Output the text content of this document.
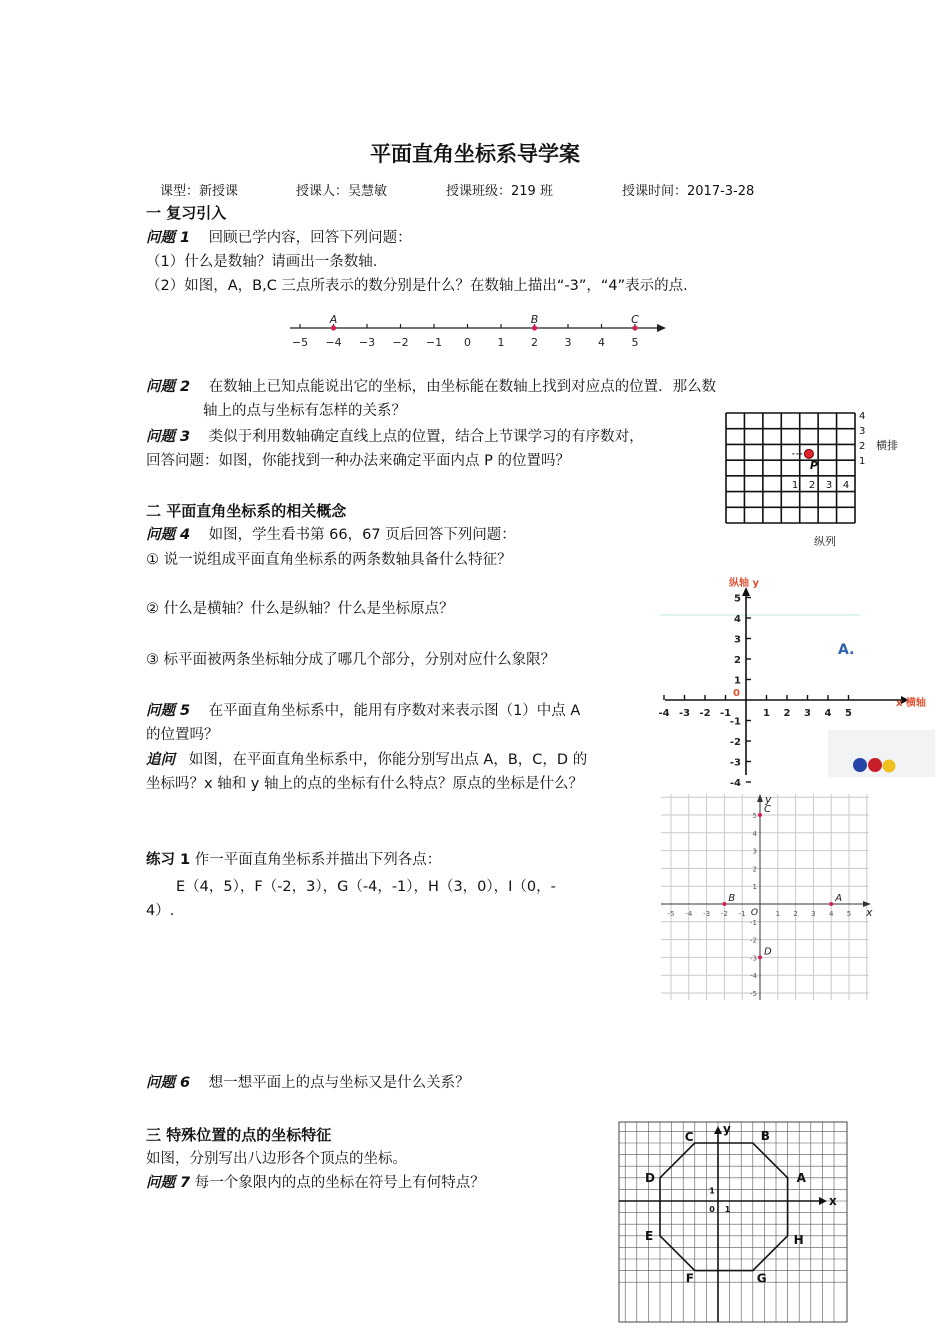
平面直角坐标系导学案
课型：新授课	授课人：吴慧敏	授课班级：219 班	授课时间：2017-3-28
一 复习引入
问题 1 回顾已学内容，回答下列问题：
（1）什么是数轴？请画出一条数轴.
（2）如图，A，B,C 三点所表示的数分别是什么？在数轴上描出“-3”，“4”表示的点.
−5 −4 −3 −2 −1 0 1 2 3 4 5
A	B	C
问题 2 在数轴上已知点能说出它的坐标，由坐标能在数轴上找到对应点的位置．那么数
轴上的点与坐标有怎样的关系？
问题 3 类似于利用数轴确定直线上点的位置，结合上节课学习的有序数对，
回答问题：如图，你能找到一种办法来确定平面内点 P 的位置吗？	P
4
3
2
1
1 2 3 4
横排
纵列
二 平面直角坐标系的相关概念
问题 4 如图，学生看书第 66，67 页后回答下列问题：
① 说一说组成平面直角坐标系的两条数轴具备什么特征？
② 什么是横轴？什么是纵轴？什么是坐标原点？
③ 标平面被两条坐标轴分成了哪几个部分，分别对应什么象限？
-4 -3 -2 -1	1 2 3 4 5
5
4
3
2
1
-1
-2
-3
-4
0
纵轴 y
x 横轴
A.
问题 5 在平面直角坐标系中，能用有序数对来表示图（1）中点 A
的位置吗？
追问 如图，在平面直角坐标系中，你能分别写出点 A，B，C，D 的
坐标吗？x 轴和 y 轴上的点的坐标有什么特点？原点的坐标是什么？
-5 -4 -3 -2 -1	1 2 3 4 5
5
4
3
2
1
-1
-2
-3
-4
-5
O	x
y
A
B
C
D
练习 1 作一平面直角坐标系并描出下列各点：
E（4，5），F（-2，3），G（-4，-1），H（3，0），I（0，-
4）.
问题 6 想一想平面上的点与坐标又是什么关系？
三 特殊位置的点的坐标特征
如图，分别写出八边形各个顶点的坐标。
问题 7 每一个象限内的点的坐标在符号上有何特点？
x
y
0 1
1
A
B
C
D
E
F	G
H
